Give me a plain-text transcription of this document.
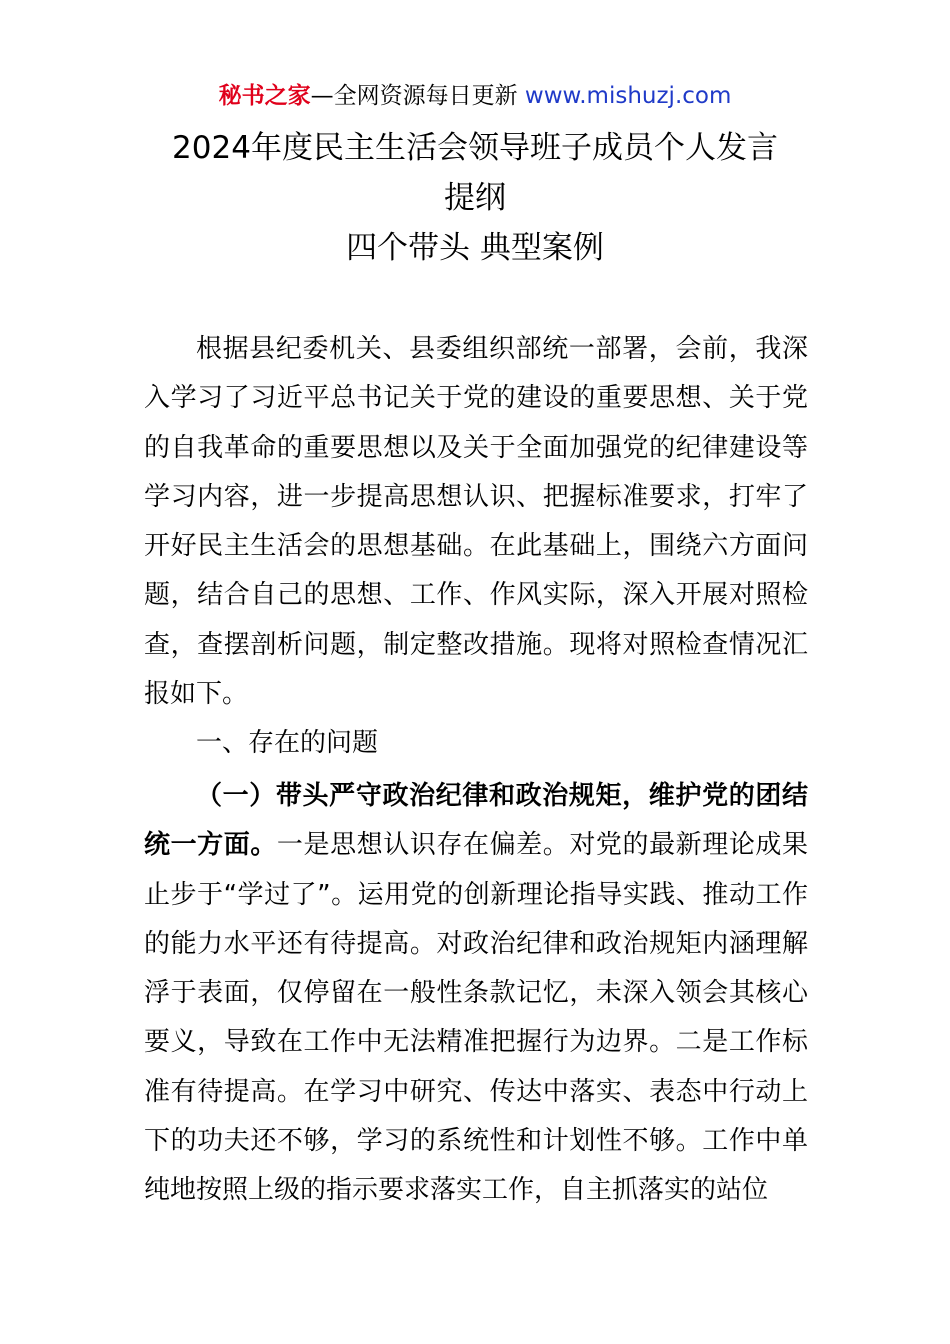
秘书之家—全网资源每日更新 www.mishuzj.com
2024年度民主生活会领导班子成员个人发言
提纲
四个带头 典型案例
根据县纪委机关、县委组织部统一部署，会前，我深入学习了习近平总书记关于党的建设的重要思想、关于党的自我革命的重要思想以及关于全面加强党的纪律建设等学习内容，进一步提高思想认识、把握标准要求，打牢了开好民主生活会的思想基础。在此基础上，围绕六方面问题，结合自己的思想、工作、作风实际，深入开展对照检查，查摆剖析问题，制定整改措施。现将对照检查情况汇报如下。
一、存在的问题
（一）带头严守政治纪律和政治规矩，维护党的团结统一方面。一是思想认识存在偏差。对党的最新理论成果止步于“学过了”。运用党的创新理论指导实践、推动工作的能力水平还有待提高。对政治纪律和政治规矩内涵理解浮于表面，仅停留在一般性条款记忆，未深入领会其核心要义，导致在工作中无法精准把握行为边界。二是工作标准有待提高。在学习中研究、传达中落实、表态中行动上下的功夫还不够，学习的系统性和计划性不够。工作中单纯地按照上级的指示要求落实工作，自主抓落实的站位
